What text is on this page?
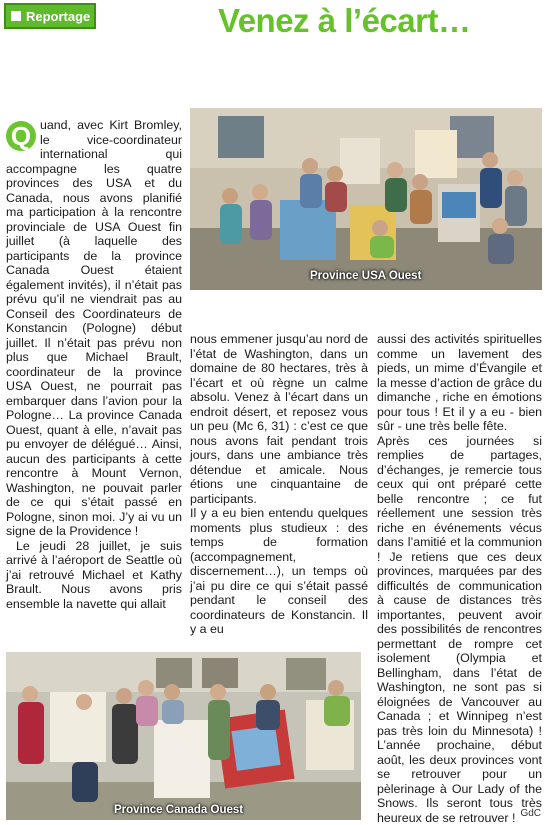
Reportage	Venez à l’écart…
Q uand, avec Kirt Bromley, le vice-coordinateur international qui accompagne les quatre provinces des USA et du Canada, nous avons planifié ma participation à la rencontre provinciale de USA Ouest fin juillet (à laquelle des participants de la province Canada Ouest étaient également invités), il n’était pas prévu qu’il ne viendrait pas au Conseil des Coordinateurs de Konstancin (Pologne) début juillet. Il n’était pas prévu non plus que Michael Brault, coordinateur de la province USA Ouest, ne pourrait pas embarquer dans l’avion pour la Pologne… La province Canada Ouest, quant à elle, n’avait pas pu envoyer de délégué… Ainsi, aucun des participants à cette rencontre à Mount Vernon, Washington, ne pouvait parler de ce qui s’était passé en Pologne, sinon moi. J’y ai vu un signe de la Providence !

Le jeudi 28 juillet, je suis arrivé à l’aéroport de Seattle où j’ai retrouvé Michael et Kathy Brault. Nous avons pris ensemble la navette qui allait

Province USA Ouest

nous emmener jusqu’au nord de l’état de Washington, dans un domaine de 80 hectares, très à l’écart et où règne un calme absolu. Venez à l’écart dans un endroit désert, et reposez vous un peu (Mc 6, 31) : c’est ce que nous avons fait pendant trois jours, dans une ambiance très détendue et amicale. Nous étions une cinquantaine de participants.

Il y a eu bien entendu quelques moments plus studieux : des temps de formation (accompagnement, discernement…), un temps où j’ai pu dire ce qui s’était passé pendant le conseil des coordinateurs de Konstancin. Il y a eu

aussi des activités spirituelles comme un lavement des pieds, un mime d’Évangile et la messe d’action de grâce du dimanche , riche en émotions pour tous ! Et il y a eu - bien sûr - une très belle fête.

Après ces journées si remplies de partages, d’échanges, je remercie tous ceux qui ont préparé cette belle rencontre ; ce fut réellement une session très riche en événements vécus dans l’amitié et la communion ! Je retiens que ces deux provinces, marquées par des difficultés de communication à cause de distances très importantes, peuvent avoir des possibilités de rencontres permettant de rompre cet isolement (Olympia et Bellingham, dans l’état de Washington, ne sont pas si éloignées de Vancouver au Canada ; et Winnipeg n’est pas très loin du Minnesota) ! L’année prochaine, début août, les deux provinces vont se retrouver pour un pèlerinage à Our Lady of the Snows. Ils seront tous très heureux de se retrouver !

Province Canada Ouest	GdC
